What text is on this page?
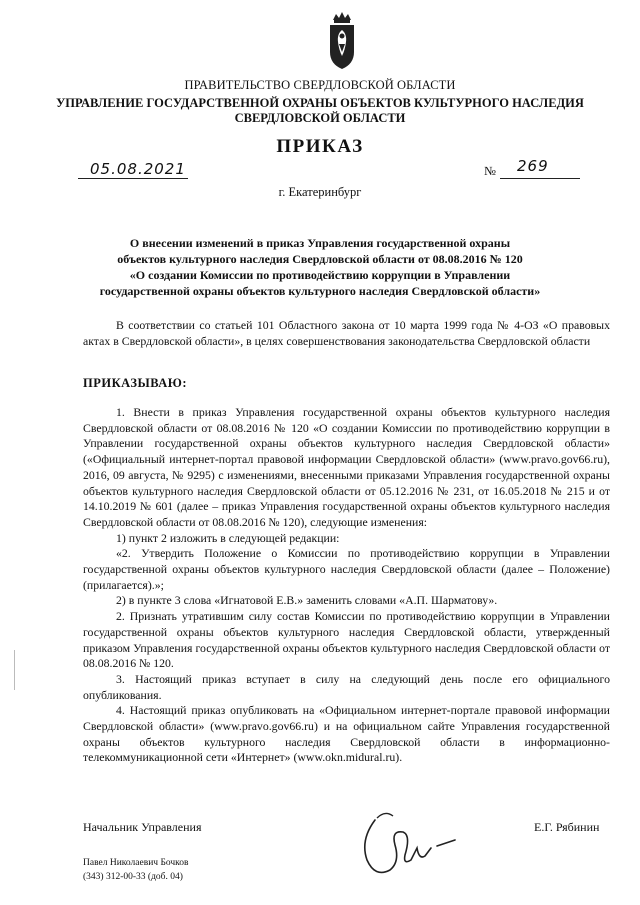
ПРАВИТЕЛЬСТВО СВЕРДЛОВСКОЙ ОБЛАСТИ
УПРАВЛЕНИЕ ГОСУДАРСТВЕННОЙ ОХРАНЫ ОБЪЕКТОВ КУЛЬТУРНОГО НАСЛЕДИЯ
СВЕРДЛОВСКОЙ ОБЛАСТИ
ПРИКАЗ
05.08.2021	№ 269
г. Екатеринбург
О внесении изменений в приказ Управления государственной охраны
объектов культурного наследия Свердловской области от 08.08.2016 № 120
«О создании Комиссии по противодействию коррупции в Управлении
государственной охраны объектов культурного наследия Свердловской области»
В соответствии со статьей 101 Областного закона от 10 марта 1999 года № 4-ОЗ «О правовых актах в Свердловской области», в целях совершенствования законодательства Свердловской области
ПРИКАЗЫВАЮ:

1. Внести в приказ Управления государственной охраны объектов культурного наследия Свердловской области от 08.08.2016 № 120 «О создании Комиссии по противодействию коррупции в Управлении государственной охраны объектов культурного наследия Свердловской области» («Официальный интернет-портал правовой информации Свердловской области» (www.pravo.gov66.ru), 2016, 09 августа, № 9295) с изменениями, внесенными приказами Управления государственной охраны объектов культурного наследия Свердловской области от 05.12.2016 № 231, от 16.05.2018 № 215 и от 14.10.2019 № 601 (далее – приказ Управления государственной охраны объектов культурного наследия Свердловской области от 08.08.2016 № 120), следующие изменения:

1) пункт 2 изложить в следующей редакции:

«2. Утвердить Положение о Комиссии по противодействию коррупции в Управлении государственной охраны объектов культурного наследия Свердловской области (далее – Положение) (прилагается).»;

2) в пункте 3 слова «Игнатовой Е.В.» заменить словами «А.П. Шарматову».

2. Признать утратившим силу состав Комиссии по противодействию коррупции в Управлении государственной охраны объектов культурного наследия Свердловской области, утвержденный приказом Управления государственной охраны объектов культурного наследия Свердловской области от 08.08.2016 № 120.

3. Настоящий приказ вступает в силу на следующий день после его официального опубликования.

4. Настоящий приказ опубликовать на «Официальном интернет-портале правовой информации Свердловской области» (www.pravo.gov66.ru) и на официальном сайте Управления государственной охраны объектов культурного наследия Свердловской области в информационно-телекоммуникационной сети «Интернет» (www.okn.midural.ru).

Начальник Управления	Е.Г. Рябинин
Павел Николаевич Бочков
(343) 312-00-33 (доб. 04)
